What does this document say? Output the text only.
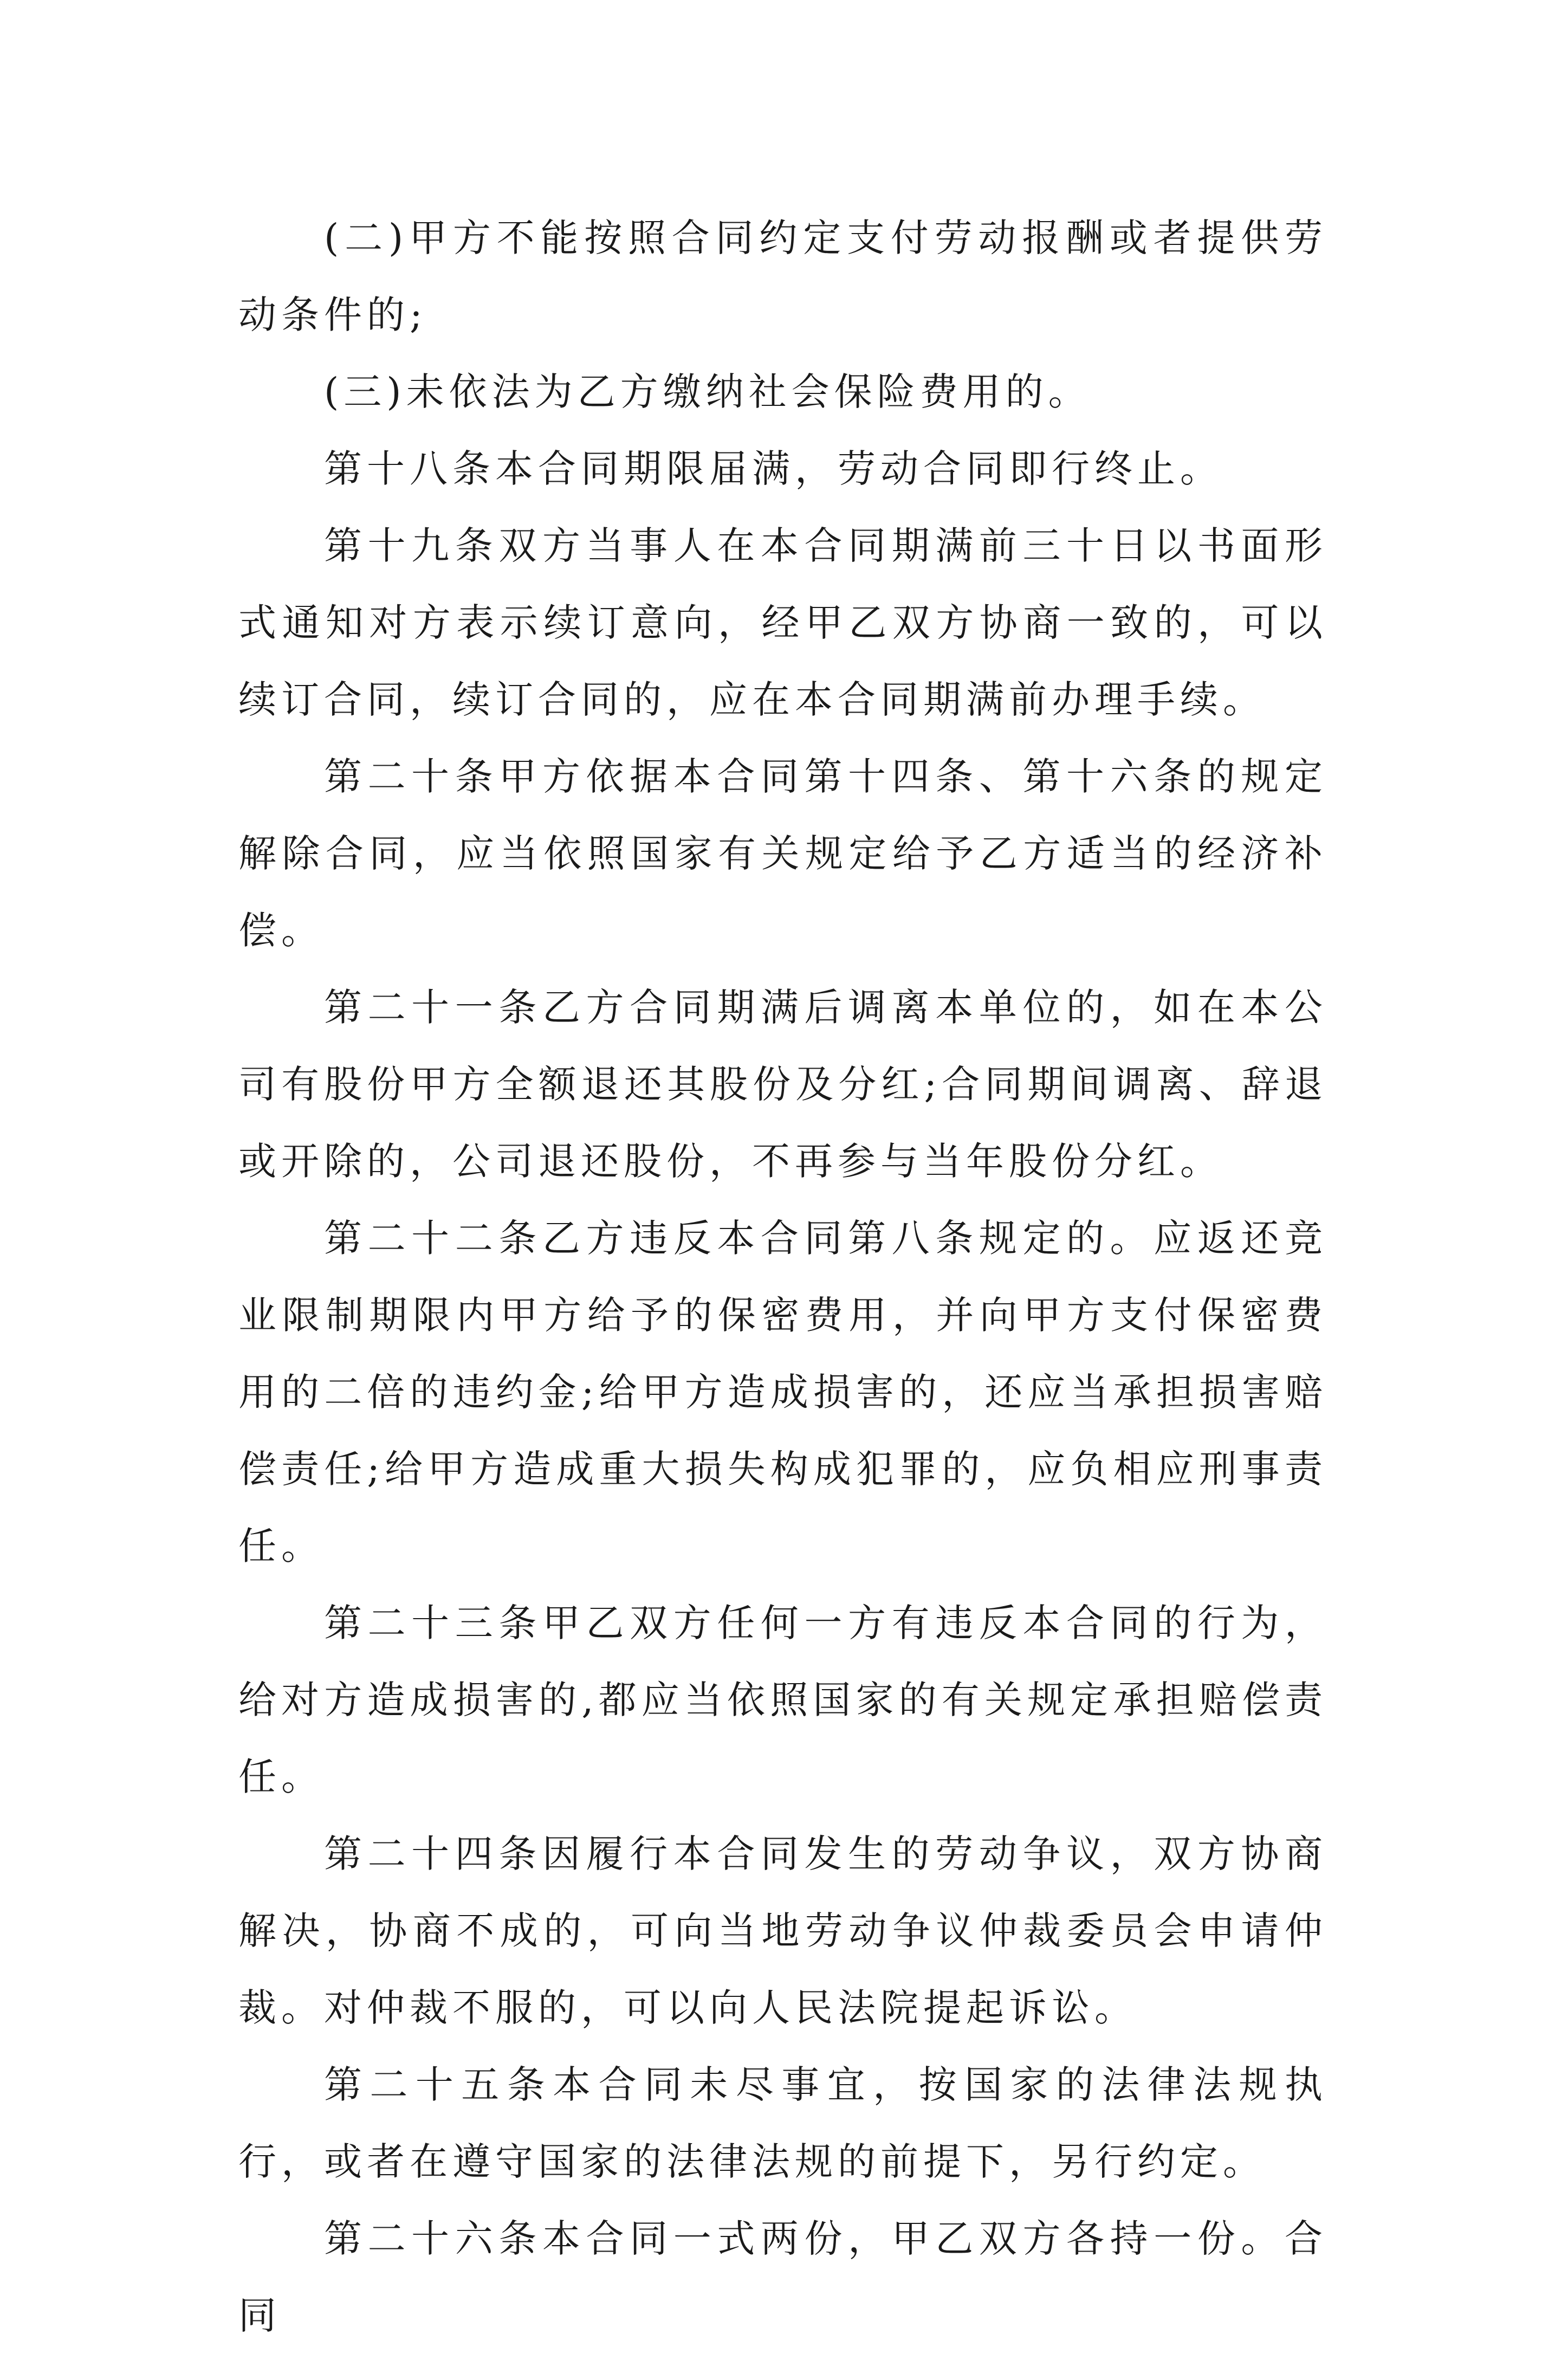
(二)甲方不能按照合同约定支付劳动报酬或者提供劳动条件的;

(三)未依法为乙方缴纳社会保险费用的。

第十八条本合同期限届满，劳动合同即行终止。

第十九条双方当事人在本合同期满前三十日以书面形式通知对方表示续订意向，经甲乙双方协商一致的，可以续订合同，续订合同的，应在本合同期满前办理手续。

第二十条甲方依据本合同第十四条、第十六条的规定解除合同，应当依照国家有关规定给予乙方适当的经济补偿。

第二十一条乙方合同期满后调离本单位的，如在本公司有股份甲方全额退还其股份及分红;合同期间调离、辞退或开除的，公司退还股份，不再参与当年股份分红。

第二十二条乙方违反本合同第八条规定的。应返还竞业限制期限内甲方给予的保密费用，并向甲方支付保密费用的二倍的违约金;给甲方造成损害的，还应当承担损害赔偿责任;给甲方造成重大损失构成犯罪的，应负相应刑事责任。

第二十三条甲乙双方任何一方有违反本合同的行为，给对方造成损害的,都应当依照国家的有关规定承担赔偿责任。

第二十四条因履行本合同发生的劳动争议，双方协商解决，协商不成的，可向当地劳动争议仲裁委员会申请仲裁。对仲裁不服的，可以向人民法院提起诉讼。

第二十五条本合同未尽事宜，按国家的法律法规执行，或者在遵守国家的法律法规的前提下，另行约定。

第二十六条本合同一式两份，甲乙双方各持一份。合同
